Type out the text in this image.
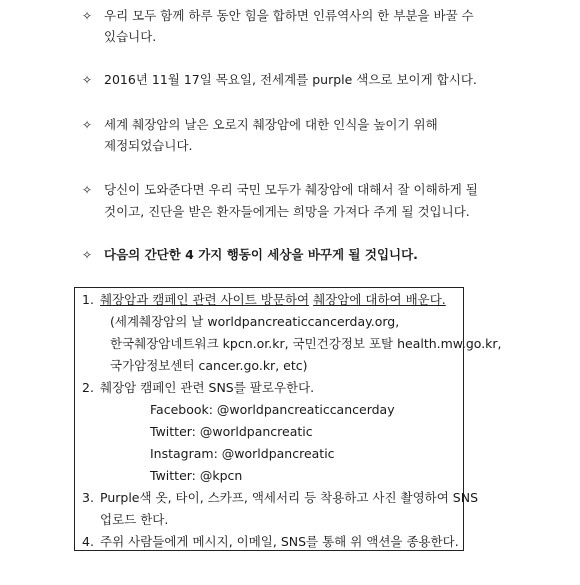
✧ 우리 모두 함께 하루 동안 힘을 합하면 인류역사의 한 부분을 바꿀 수
있습니다.
✧ 2016년 11월 17일 목요일, 전세계를 purple 색으로 보이게 합시다.
✧ 세계 췌장암의 날은 오로지 췌장암에 대한 인식을 높이기 위해
제정되었습니다.
✧ 당신이 도와준다면 우리 국민 모두가 췌장암에 대해서 잘 이해하게 될
것이고, 진단을 받은 환자들에게는 희망을 가져다 주게 될 것입니다.
✧ 다음의 간단한 4 가지 행동이 세상을 바꾸게 될 것입니다.
1. 췌장암과 캠페인 관련 사이트 방문하여 췌장암에 대하여 배운다.
(세계췌장암의 날 worldpancreaticcancerday.org,
한국췌장암네트워크 kpcn.or.kr, 국민건강정보 포탈 health.mw.go.kr,
국가암정보센터 cancer.go.kr, etc)
2. 췌장암 캠페인 관련 SNS를 팔로우한다.
Facebook: @worldpancreaticcancerday
Twitter: @worldpancreatic
Instagram: @worldpancreatic
Twitter: @kpcn
3. Purple색 옷, 타이, 스카프, 액세서리 등 착용하고 사진 촬영하여 SNS
업로드 한다.
4. 주위 사람들에게 메시지, 이메일, SNS를 통해 위 액션을 종용한다.
